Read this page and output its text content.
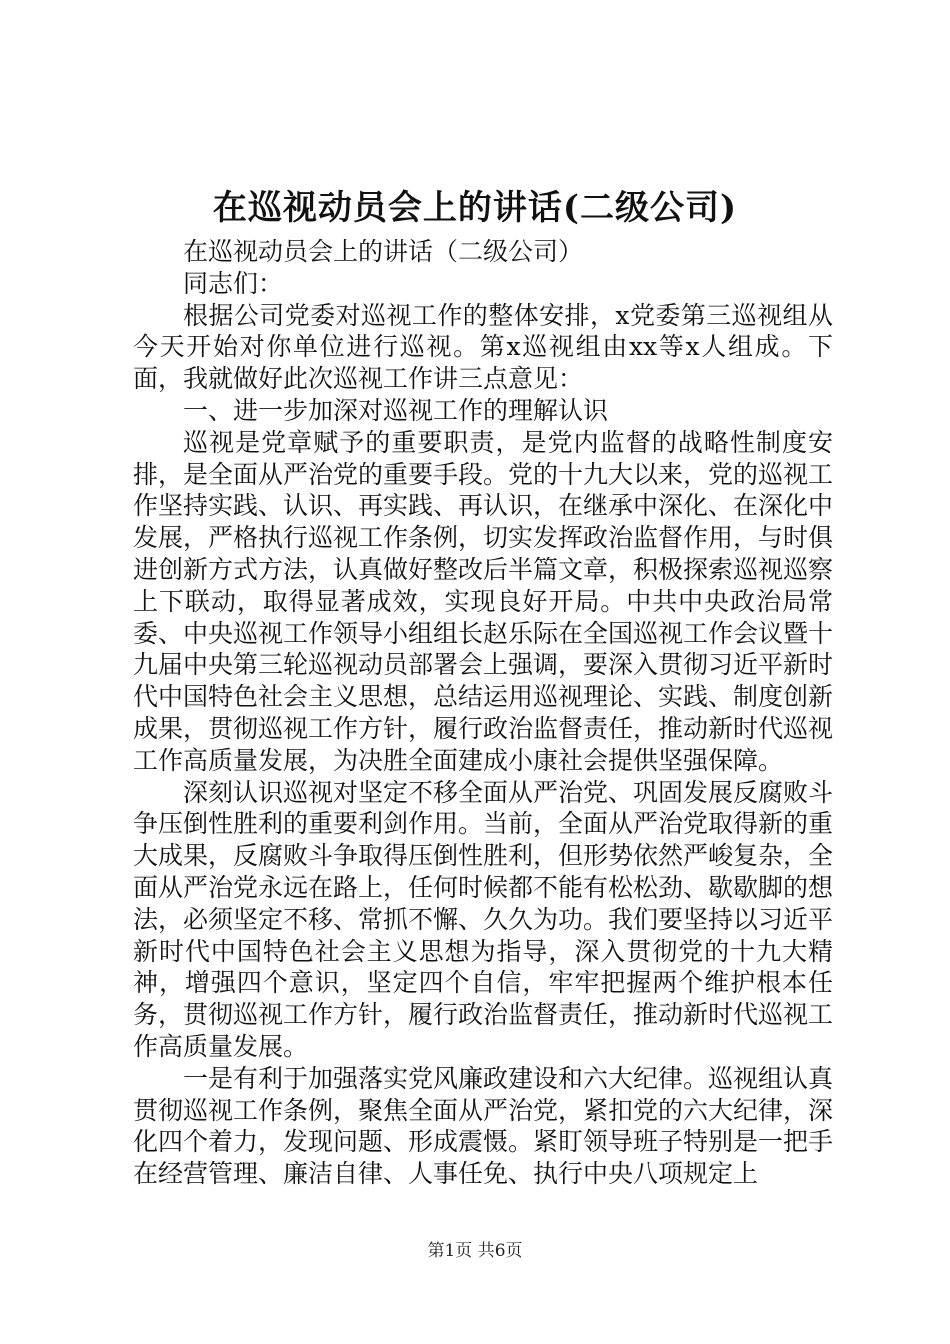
在巡视动员会上的讲话(二级公司)

在巡视动员会上的讲话（二级公司）

同志们：

根据公司党委对巡视工作的整体安排，x党委第三巡视组从今天开始对你单位进行巡视。第x巡视组由xx等x人组成。下面，我就做好此次巡视工作讲三点意见：

一、进一步加深对巡视工作的理解认识

巡视是党章赋予的重要职责，是党内监督的战略性制度安排，是全面从严治党的重要手段。党的十九大以来，党的巡视工作坚持实践、认识、再实践、再认识，在继承中深化、在深化中发展，严格执行巡视工作条例，切实发挥政治监督作用，与时俱进创新方式方法，认真做好整改后半篇文章，积极探索巡视巡察上下联动，取得显著成效，实现良好开局。中共中央政治局常委、中央巡视工作领导小组组长赵乐际在全国巡视工作会议暨十九届中央第三轮巡视动员部署会上强调，要深入贯彻习近平新时代中国特色社会主义思想，总结运用巡视理论、实践、制度创新成果，贯彻巡视工作方针，履行政治监督责任，推动新时代巡视工作高质量发展，为决胜全面建成小康社会提供坚强保障。

深刻认识巡视对坚定不移全面从严治党、巩固发展反腐败斗争压倒性胜利的重要利剑作用。当前，全面从严治党取得新的重大成果，反腐败斗争取得压倒性胜利，但形势依然严峻复杂，全面从严治党永远在路上，任何时候都不能有松松劲、歇歇脚的想法，必须坚定不移、常抓不懈、久久为功。我们要坚持以习近平新时代中国特色社会主义思想为指导，深入贯彻党的十九大精神，增强四个意识，坚定四个自信，牢牢把握两个维护根本任务，贯彻巡视工作方针，履行政治监督责任，推动新时代巡视工作高质量发展。

一是有利于加强落实党风廉政建设和六大纪律。巡视组认真贯彻巡视工作条例，聚焦全面从严治党，紧扣党的六大纪律，深化四个着力，发现问题、形成震慑。紧盯领导班子特别是一把手在经营管理、廉洁自律、人事任免、执行中央八项规定上

第1页 共6页
